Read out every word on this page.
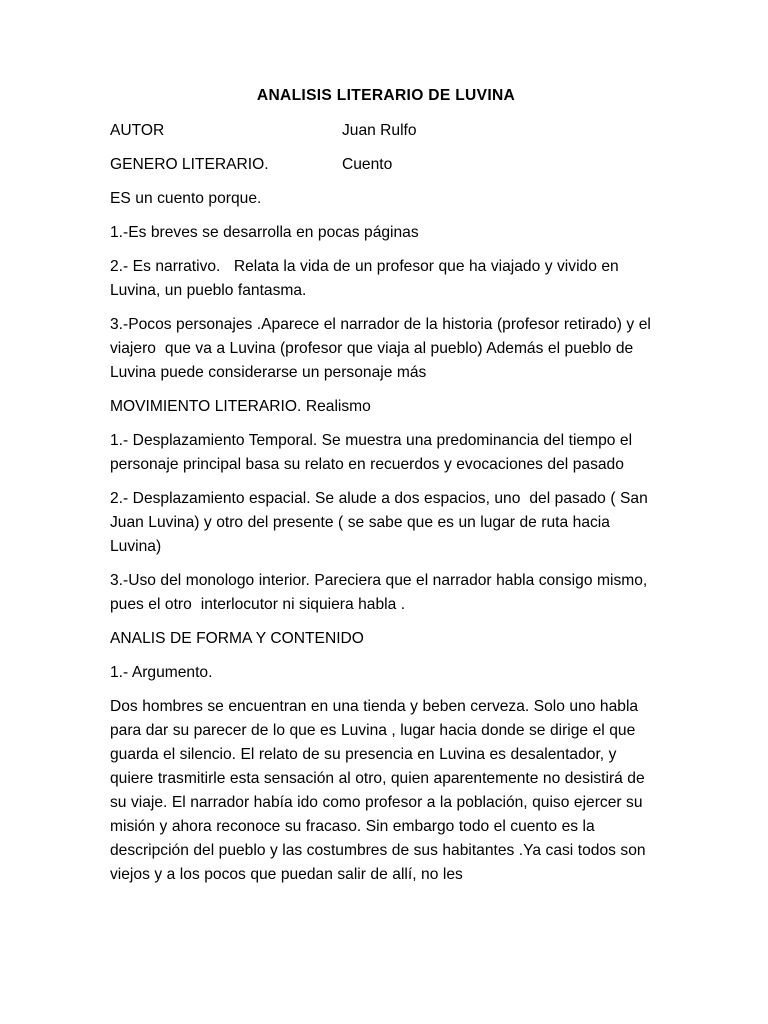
ANALISIS LITERARIO DE LUVINA
AUTOR	Juan Rulfo
GENERO LITERARIO.	Cuento

ES un cuento porque.

1.-Es breves se desarrolla en pocas páginas

2.- Es narrativo.   Relata la vida de un profesor que ha viajado y vivido en Luvina, un pueblo fantasma.

3.-Pocos personajes .Aparece el narrador de la historia (profesor retirado) y el viajero  que va a Luvina (profesor que viaja al pueblo) Además el pueblo de Luvina puede considerarse un personaje más

MOVIMIENTO LITERARIO. Realismo

1.- Desplazamiento Temporal. Se muestra una predominancia del tiempo el personaje principal basa su relato en recuerdos y evocaciones del pasado

2.- Desplazamiento espacial. Se alude a dos espacios, uno  del pasado ( San Juan Luvina) y otro del presente ( se sabe que es un lugar de ruta hacia Luvina)

3.-Uso del monologo interior. Pareciera que el narrador habla consigo mismo, pues el otro  interlocutor ni siquiera habla .

ANALIS DE FORMA Y CONTENIDO

1.- Argumento.

Dos hombres se encuentran en una tienda y beben cerveza. Solo uno habla para dar su parecer de lo que es Luvina , lugar hacia donde se dirige el que guarda el silencio. El relato de su presencia en Luvina es desalentador, y quiere trasmitirle esta sensación al otro, quien aparentemente no desistirá de su viaje. El narrador había ido como profesor a la población, quiso ejercer su misión y ahora reconoce su fracaso. Sin embargo todo el cuento es la descripción del pueblo y las costumbres de sus habitantes .Ya casi todos son viejos y a los pocos que puedan salir de allí, no les
